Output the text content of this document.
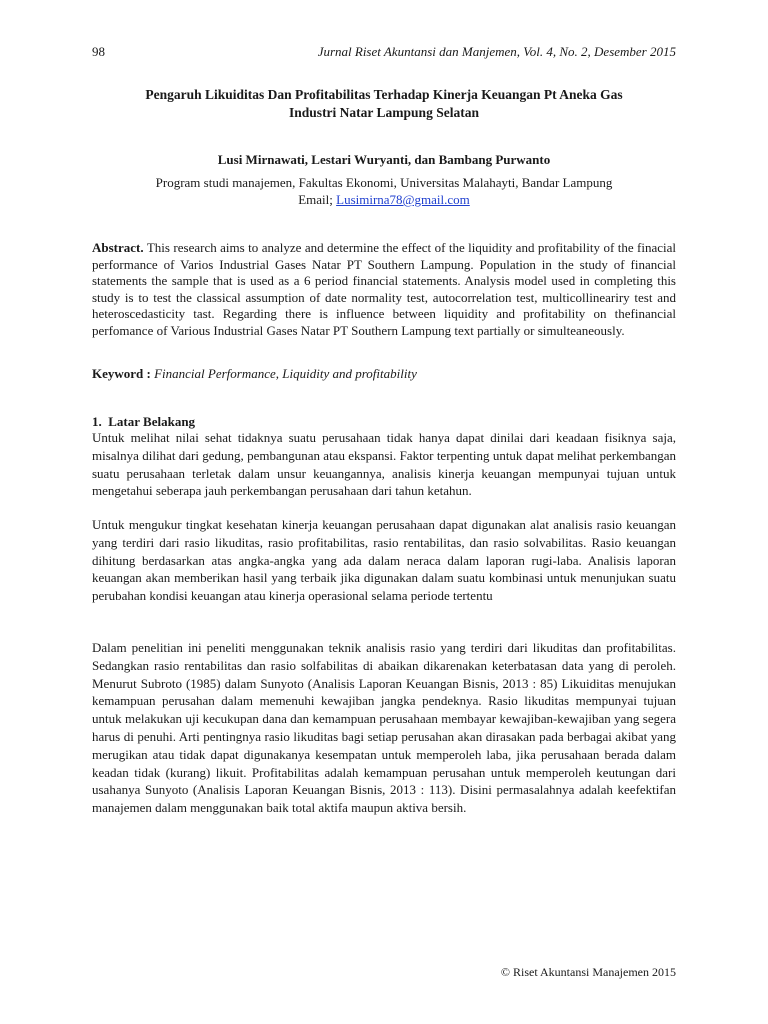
98	Jurnal Riset Akuntansi dan Manjemen, Vol. 4, No. 2, Desember 2015
Pengaruh Likuiditas Dan Profitabilitas Terhadap Kinerja Keuangan Pt Aneka Gas
Industri Natar Lampung Selatan
Lusi Mirnawati, Lestari Wuryanti, dan Bambang Purwanto
Program studi manajemen, Fakultas Ekonomi, Universitas Malahayti, Bandar Lampung
Email; Lusimirna78@gmail.com
Abstract. This research aims to analyze and determine the effect of the liquidity and profitability of the finacial performance of Varios Industrial Gases Natar PT Southern Lampung. Population in the study of financial statements the sample that is used as a 6 period financial statements. Analysis model used in completing this study is to test the classical assumption of date normality test, autocorrelation test, multicollineariry test and heteroscedasticity tast. Regarding there is influence between liquidity and profitability on thefinancial perfomance of Various Industrial Gases Natar PT Southern Lampung text partially or simulteaneously.
Keyword : Financial Performance, Liquidity and profitability
1. Latar Belakang
Untuk melihat nilai sehat tidaknya suatu perusahaan tidak hanya dapat dinilai dari keadaan fisiknya saja, misalnya dilihat dari gedung, pembangunan atau ekspansi. Faktor terpenting untuk dapat melihat perkembangan suatu perusahaan terletak dalam unsur keuangannya, analisis kinerja keuangan mempunyai tujuan untuk mengetahui seberapa jauh perkembangan perusahaan dari tahun ketahun.
Untuk mengukur tingkat kesehatan kinerja keuangan perusahaan dapat digunakan alat analisis rasio keuangan yang terdiri dari rasio likuditas, rasio profitabilitas, rasio rentabilitas, dan rasio solvabilitas. Rasio keuangan dihitung berdasarkan atas angka-angka yang ada dalam neraca dalam laporan rugi-laba. Analisis laporan keuangan akan memberikan hasil yang terbaik jika digunakan dalam suatu kombinasi untuk menunjukan suatu perubahan kondisi keuangan atau kinerja operasional selama periode tertentu
Dalam penelitian ini peneliti menggunakan teknik analisis rasio yang terdiri dari likuditas dan profitabilitas. Sedangkan rasio rentabilitas dan rasio solfabilitas di abaikan dikarenakan keterbatasan data yang di peroleh. Menurut Subroto (1985) dalam Sunyoto (Analisis Laporan Keuangan Bisnis, 2013 : 85) Likuiditas menujukan kemampuan perusahan dalam memenuhi kewajiban jangka pendeknya. Rasio likuditas mempunyai tujuan untuk melakukan uji kecukupan dana dan kemampuan perusahaan membayar kewajiban-kewajiban yang segera harus di penuhi. Arti pentingnya rasio likuditas bagi setiap perusahan akan dirasakan pada berbagai akibat yang merugikan atau tidak dapat digunakanya kesempatan untuk memperoleh laba, jika perusahaan berada dalam keadan tidak (kurang) likuit. Profitabilitas adalah kemampuan perusahan untuk memperoleh keutungan dari usahanya Sunyoto (Analisis Laporan Keuangan Bisnis, 2013 : 113). Disini permasalahnya adalah keefektifan manajemen dalam menggunakan baik total aktifa maupun aktiva bersih.
© Riset Akuntansi Manajemen 2015
